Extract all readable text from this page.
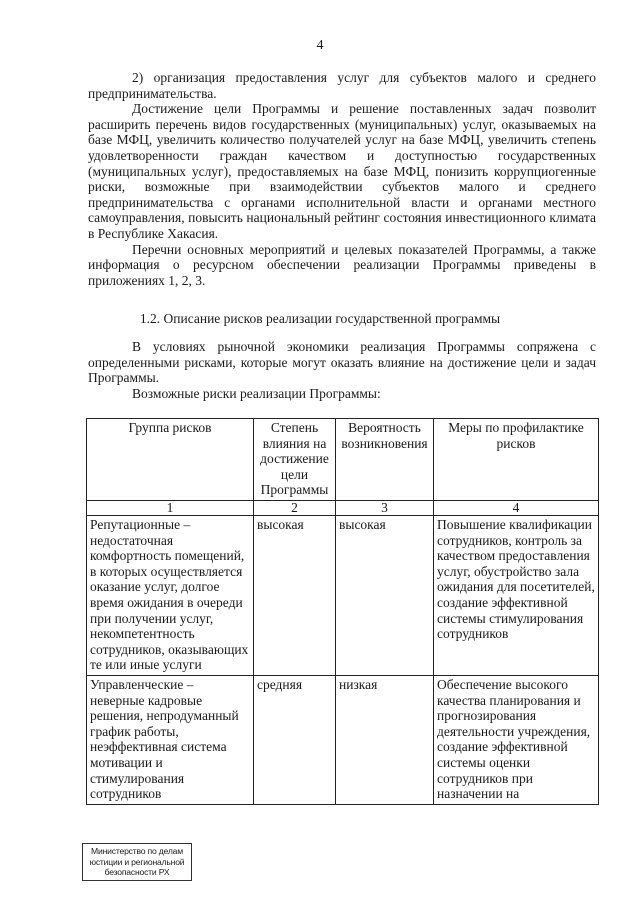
4

2) организация предоставления услуг для субъектов малого и среднего предпринимательства.

Достижение цели Программы и решение поставленных задач позволит расширить перечень видов государственных (муниципальных) услуг, оказываемых на базе МФЦ, увеличить количество получателей услуг на базе МФЦ, увеличить степень удовлетворенности граждан качеством и доступностью государственных (муниципальных услуг), предоставляемых на базе МФЦ, понизить коррупциогенные риски, возможные при взаимодействии субъектов малого и среднего предпринимательства с органами исполнительной власти и органами местного самоуправления, повысить национальный рейтинг состояния инвестиционного климата в Республике Хакасия.

Перечни основных мероприятий и целевых показателей Программы, а также информация о ресурсном обеспечении реализации Программы приведены в приложениях 1, 2, 3.

1.2. Описание рисков реализации государственной программы

В условиях рыночной экономики реализация Программы сопряжена с определенными рисками, которые могут оказать влияние на достижение цели и задач Программы.

Возможные риски реализации Программы:

Группа рисков	Степень влияния на достижение цели Программы	Вероятность возникновения	Меры по профилактике рисков
1	2	3	4
Репутационные – недостаточная комфортность помещений, в которых осуществляется оказание услуг, долгое время ожидания в очереди при получении услуг, некомпетентность сотрудников, оказывающих те или иные услуги	высокая	высокая	Повышение квалификации сотрудников, контроль за качеством предоставления услуг, обустройство зала ожидания для посетителей, создание эффективной системы стимулирования сотрудников
Управленческие – неверные кадровые решения, непродуманный график работы, неэффективная система мотивации и стимулирования сотрудников	средняя	низкая	Обеспечение высокого качества планирования и прогнозирования деятельности учреждения, создание эффективной системы оценки сотрудников при назначении на
Министерство по делам
юстиции и региональной
безопасности РХ
